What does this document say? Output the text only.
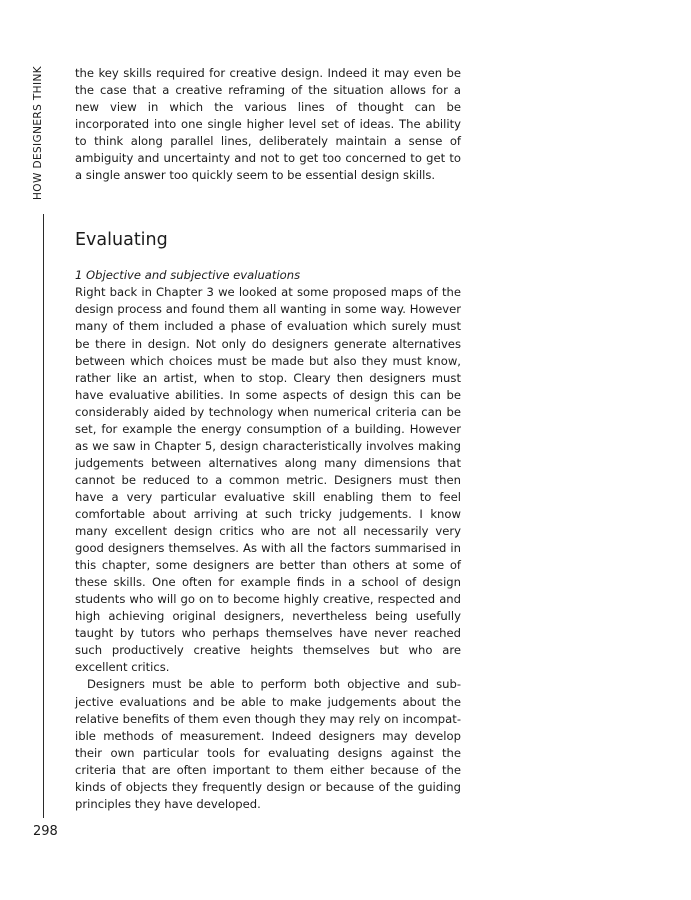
HOW DESIGNERS THINK
298

the key skills required for creative design. Indeed it may even be the case that a creative reframing of the situation allows for a new view in which the various lines of thought can be incorporated into one single higher level set of ideas. The ability to think along parallel lines, deliberately maintain a sense of ambiguity and uncertainty and not to get too concerned to get to a single answer too quickly seem to be essential design skills.

Evaluating

1 Objective and subjective evaluations

Right back in Chapter 3 we looked at some proposed maps of the design process and found them all wanting in some way. However many of them included a phase of evaluation which surely must be there in design. Not only do designers generate alternatives between which choices must be made but also they must know, rather like an artist, when to stop. Cleary then designers must have evaluative abilities. In some aspects of design this can be considerably aided by technology when numerical criteria can be set, for example the energy consumption of a building. However as we saw in Chapter 5, design characteristically involves making judgements between alternatives along many dimensions that cannot be reduced to a common metric. Designers must then have a very particular evaluative skill enabling them to feel comfortable about arriving at such tricky judgements. I know many excellent design critics who are not all necessarily very good designers themselves. As with all the factors summarised in this chapter, some designers are better than others at some of these skills. One often for example finds in a school of design students who will go on to become highly creative, respected and high achieving original designers, nevertheless being usefully taught by tutors who perhaps themselves have never reached such productively creative heights themselves but who are excellent critics.

Designers must be able to perform both objective and subjective evaluations and be able to make judgements about the relative benefits of them even though they may rely on incompatible methods of measurement. Indeed designers may develop their own particular tools for evaluating designs against the criteria that are often important to them either because of the kinds of objects they frequently design or because of the guiding principles they have developed.
